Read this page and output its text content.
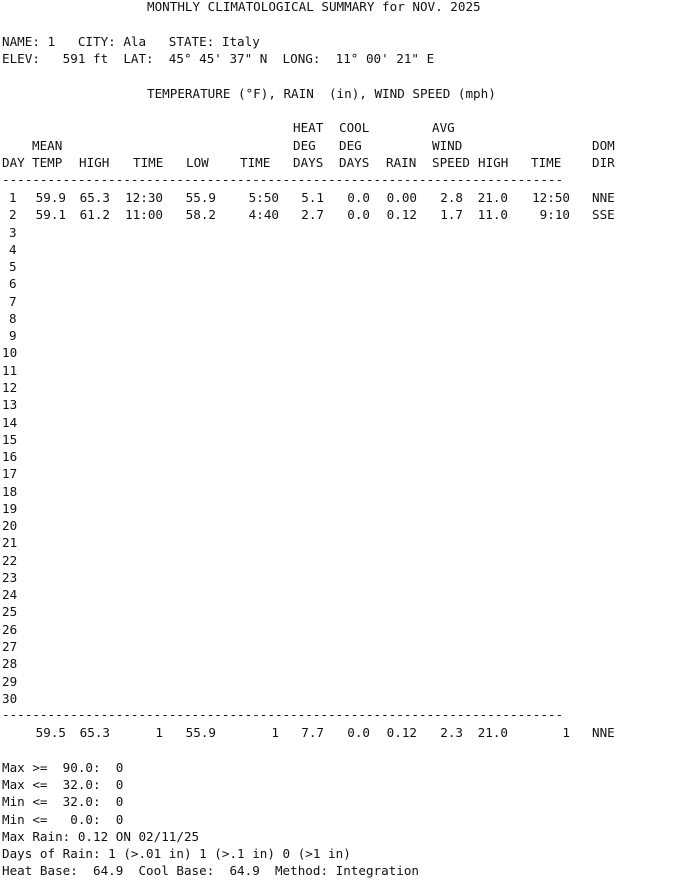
MONTHLY CLIMATOLOGICAL SUMMARY for NOV. 2025
NAME: 1   CITY: Ala   STATE: Italy
ELEV:   591 ft  LAT:  45° 45' 37" N  LONG:  11° 00' 21" E
TEMPERATURE (°F), RAIN  (in), WIND SPEED (mph)
DAY
MEAN
TEMP HIGH TIME LOW TIME
HEAT
DEG
DAYS
COOL
DEG
DAYS RAIN
AVG
WIND
SPEED HIGH TIME
DOM
DIR
--------------------------------------------------------------------------
1 59.9 65.3 12:30 55.9	5:50 5.1 0.0 0.00 2.8 21.0 12:50 NNE
2 59.1 61.2 11:00 58.2	4:40 2.7 0.0 0.12 1.7 11.0	9:10 SSE
3
4
5
6
7
8
9
10
11
12
13
14
15
16
17
18
19
20
21
22
23
24
25
26
27
28
29
30
--------------------------------------------------------------------------
59.5 65.3	1 55.9	1 7.7 0.0 0.12 2.3 21.0	1 NNE
Max >=  90.0:  0
Max <=  32.0:  0
Min <=  32.0:  0
Min <=   0.0:  0
Max Rain: 0.12 ON 02/11/25
Days of Rain: 1 (>.01 in) 1 (>.1 in) 0 (>1 in)
Heat Base:  64.9  Cool Base:  64.9  Method: Integration
